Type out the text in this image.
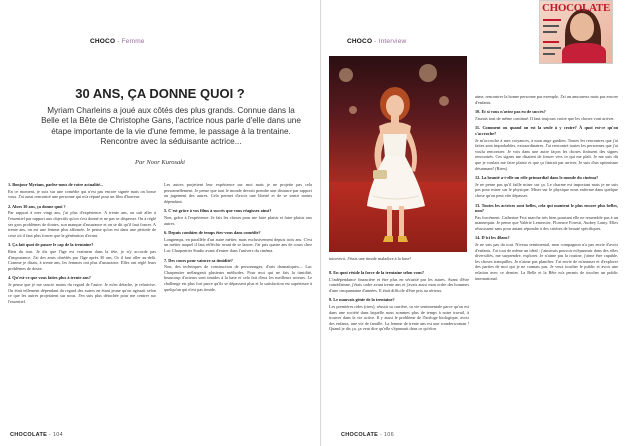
CHOCO - Femme
30 ANS, ÇA DONNE QUOI ?
Myriam Charleins a joué aux côtés des plus grands. Connue dans la Belle et la Bête de Christophe Gans, l'actrice nous parle d'elle dans une étape importante de la vie d'une femme, le passage à la trentaine. Rencontre avec la séduisante actrice...
Par Noor Kurosaki

1. Bonjour Myriam, parlez-nous de votre actualité...

En ce moment, je suis sur une comédie qui n'est pas encore signée mais on bosse vous. J'ai aussi rencontré une personne qui m'a réputé pour un film d'horreur.

2. Alors 30 ans, ça donne quoi ?

Par rapport à mes vingt ans, j'ai plus d'expérience. A trente ans, on sait aller à l'essentiel par rapport aux objectifs qu'on s'est donné et ne pas se disperser. On a réglé ses gros problèmes de doutes, son manque d'assurance et on se dit qu'il faut foncer. A trente ans, on est une femme plus affirmée. Je pense qu'on est dans une période de crise où il faut plus foncer que la génération d'avant.

3. Ça fait quoi de passer le cap de la trentaine?

Rien du tout. Je dis que l'âge est vraiment dans la tête, je n'y accorde pas d'importance. J'ai des amis obsédés par l'âge après 30 ans. Or il faut aller au-delà. Comme je disais, à trente ans, les femmes ont plus d'assurance. Elles ont réglé leurs problèmes de doute.

4. Qu'est-ce que vous faites plus à trente ans?

Je pense que je me soucie moins du regard de l'autre. Je m'en détache, je relativise. On était tellement dépendant du regard des autres en étant jeune qu'on agissait selon ce que les autres projetaient sur nous. J'en suis plus détachée pour me centrer sur l'essentiel.

Les autres projettent leur expérience sur moi mais je ne projette pas cela personnellement. Je pense que tout le monde devrait prendre une distance par rapport au jugement des autres. Cela permet d'avoir une liberté et de se sentir moins dépendant.

5. C'est grâce à vos films à succès que vous réagissez ainsi?

Non, grâce à l'expérience. Je fais les choses pour me faire plaisir et faire plaisir aux autres.

6. Depuis combien de temps êtes-vous dans comédie?

Longtemps, en parallèle d'un autre métier, mais exclusivement depuis trois ans. C'est un métier auquel il faut réfléchir avant de se lancer. J'ai pris quatre ans de cours chez Luc Charpentier Studio avant d'entrer dans l'univers du cinéma.

7. Des cours pour vaincre sa timidité?

Non, des techniques de construction de personnages, d'arts dramatiques,... Luc Charpentier mélangeait plusieurs méthodes. Pour moi qui ne fais la timidité, beaucoup d'acteurs sont timides à la base et cela fait d'eux les meilleurs acteurs. Le challenge est plus fort parce qu'ils se dépassent plus et la satisfaction est supérieure à quelqu'un qui n'est pas timide.

CHOCOLATE - 104
CHOCO - Interview
introverti. J'étais une timide maladive à la base!

8. En quoi réside la force de la trentaine selon vous?

L'indépendance financière et être plus en sécurité par les autres. Avant d'être comédienne, j'étais cadre avant trente ans et j'avais aussi mon ordre des hommes d'une cinquantaine d'années. Il était difficile d'être pris au sérieux.

9. Le mauvais génie de la trentaine?

Les premières rides (rires), réussir sa carrière, sa vie sentimentale parce qu'on est dans une société dans laquelle nous sommes plus de temps à notre travail, à trouver dans la vie active. Il y aussi le problème de l'horloge biologique, avoir des enfants, une vie de famille. La femme de trente ans est une wonderwoman ! Quand je dis ça, ça veut dire qu'elle s'épanouit dans ce qu'elon

aime, rencontrer la bonne personne par exemple. J'ai un amoureux mais pas encore d'enfants.

10. Et si vous n'aviez pas eu de succès?

J'aurais tout de même continué. Il faut toujours croire que les choses vont arriver.

11. Comment ou quand on est la seule à y croire? À quoi est-ce qu'on s'accroche?

Je m'accroche à mes croyances, à mon ange gardien. Toutes les rencontres que j'ai faites sont improbables, extraordinaires. J'ai rencontré toutes les personnes que j'ai voulu rencontrer. Je vois dans une autre façon les choses finissent des signes rencontrés. Ces signes me disaient de foncer vers ce qui me plaît. Je me suis dit que je voulais me faire plaisir et que ça finirait par arriver. Je suis d'un optimisme désarmant! (Rires)

12. La beauté a-t-elle un rôle primordial dans le monde du cinéma?

Je ne pense pas qu'il faille miser sur ça. Le charme est important mais je ne suis pas pour miser sur le physique. Miser sur le physique nous enferme dans quelque chose qu'on peut vite dépasser.

13. Toutes les actrices sont belles, cela qui montent le plus encore plus belles, non?

Pas forcément. Catherine Frot marche très bien pourtant elle ne ressemble pas à un mannequin. Je pense que Valérie Lemercier, Florence Foresti, Audrey Lamy. Elles réussissent sans pour autant répondre à des critères de beauté spécifiques.

14. D'ici les 40ans?

Je ne sais pas du tout. Niveau sentimental, mon compagnon n'a pas envie d'avoir d'enfants. J'ai tout de même un idéal : j'aimerais pouvoir m'épanouir dans des rôles diversifiés, me surprendre, explorer. Je n'aime pas la routine, j'aime être capable, les choses tranquilles. Je n'aime pas planifier. J'ai envie de m'amuser et d'explorer des parties de moi qui je ne connais pas. Je veux toucher le public et avoir une relation avec ce dernier. La Belle et la Bête m'a permis de toucher un public international.

CHOCOLATE
CHOCOLATE - 106
